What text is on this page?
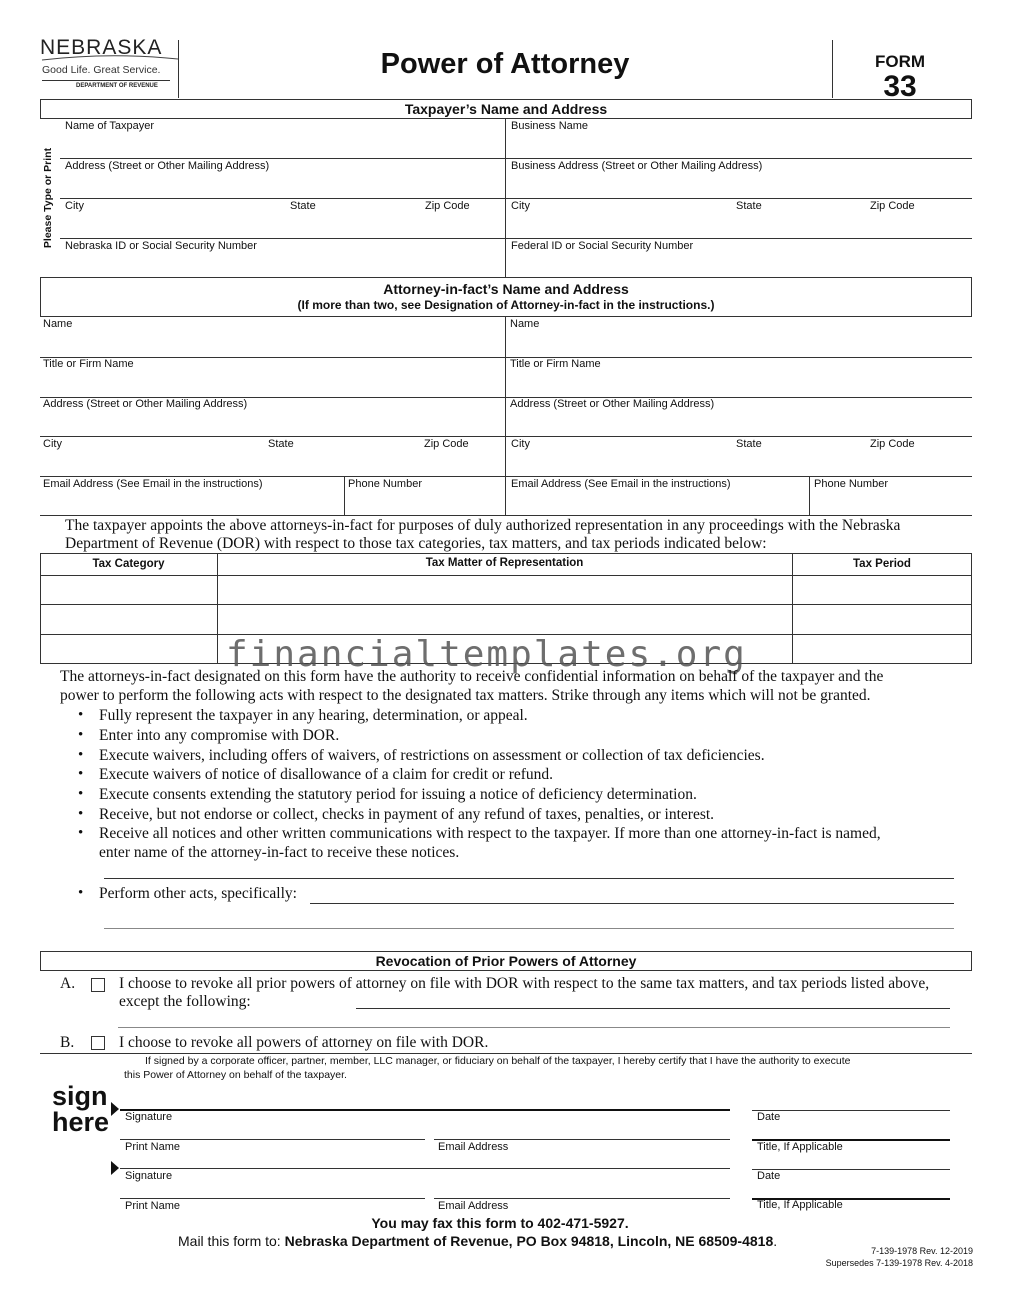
NEBRASKA
Good Life. Great Service.
DEPARTMENT OF REVENUE
Power of Attorney	FORM
33
Taxpayer’s Name and Address
Please Type or Print
Name of Taxpayer	Business Name
Address (Street or Other Mailing Address)	Business Address (Street or Other Mailing Address)
City	State	Zip Code	City	State	Zip Code
Nebraska ID or Social Security Number	Federal ID or Social Security Number
Attorney-in-fact’s Name and Address
(If more than two, see Designation of Attorney-in-fact in the instructions.)
Name	Name
Title or Firm Name	Title or Firm Name
Address (Street or Other Mailing Address)	Address (Street or Other Mailing Address)
City	State	Zip Code	City	State	Zip Code
Email Address (See Email in the instructions)	Phone Number	Email Address (See Email in the instructions)	Phone Number
The taxpayer appoints the above attorneys-in-fact for purposes of duly authorized representation in any proceedings with the Nebraska
Department of Revenue (DOR) with respect to those tax categories, tax matters, and tax periods indicated below:
Tax Category	Tax Matter of Representation	Tax Period
financialtemplates.org
The attorneys-in-fact designated on this form have the authority to receive confidential information on behalf of the taxpayer and the
power to perform the following acts with respect to the designated tax matters. Strike through any items which will not be granted.
• Fully represent the taxpayer in any hearing, determination, or appeal.
• Enter into any compromise with DOR.
• Execute waivers, including offers of waivers, of restrictions on assessment or collection of tax deficiencies.
• Execute waivers of notice of disallowance of a claim for credit or refund.
• Execute consents extending the statutory period for issuing a notice of deficiency determination.
• Receive, but not endorse or collect, checks in payment of any refund of taxes, penalties, or interest.
• Receive all notices and other written communications with respect to the taxpayer. If more than one attorney-in-fact is named,
enter name of the attorney-in-fact to receive these notices.
• Perform other acts, specifically:
Revocation of Prior Powers of Attorney
A.	I choose to revoke all prior powers of attorney on file with DOR with respect to the same tax matters, and tax periods listed above,
except the following:
B.	I choose to revoke all powers of attorney on file with DOR.
If signed by a corporate officer, partner, member, LLC manager, or fiduciary on behalf of the taxpayer, I hereby certify that I have the authority to execute
this Power of Attorney on behalf of the taxpayer.
sign
here Signature	Date
Print Name	Email Address	Title, If Applicable
Signature	Date
Print Name	Email Address	Title, If Applicable
You may fax this form to 402-471-5927.
Mail this form to: Nebraska Department of Revenue, PO Box 94818, Lincoln, NE 68509-4818.
7-139-1978 Rev. 12-2019
Supersedes 7-139-1978 Rev. 4-2018
